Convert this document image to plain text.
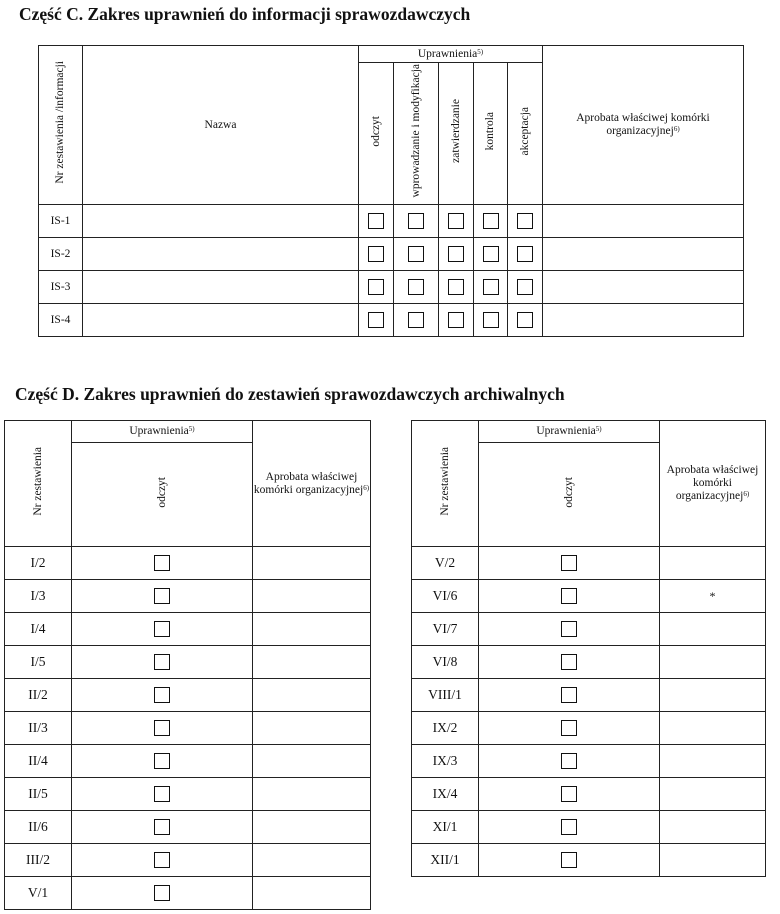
Część C. Zakres uprawnień do informacji sprawozdawczych
Nr zestawienia /informacji	Nazwa	Uprawnienia$^{5)}$					Aprobata właściwej komórki organizacyjnej$^{6)}$
		odczyt	wprowadzanie i modyfikacja	zatwierdzanie	kontrola	akceptacja	
IS-1							
IS-2							
IS-3							
IS-4							
Część D. Zakres uprawnień do zestawień sprawozdawczych archiwalnych
Nr zestawienia	Uprawnienia$^{5)}$	Aprobata właściwej komórki organizacyjnej$^{6)}$
	odczyt	
I/2		
I/3		
I/4		
I/5		
II/2		
II/3		
II/4		
II/5		
II/6		
III/2		
V/1		
Nr zestawienia	Uprawnienia$^{5)}$	Aprobata właściwej komórki organizacyjnej$^{6)}$
	odczyt	
V/2		
VI/6		*
VI/7		
VI/8		
VIII/1		
IX/2		
IX/3		
IX/4		
XI/1		
XII/1		
